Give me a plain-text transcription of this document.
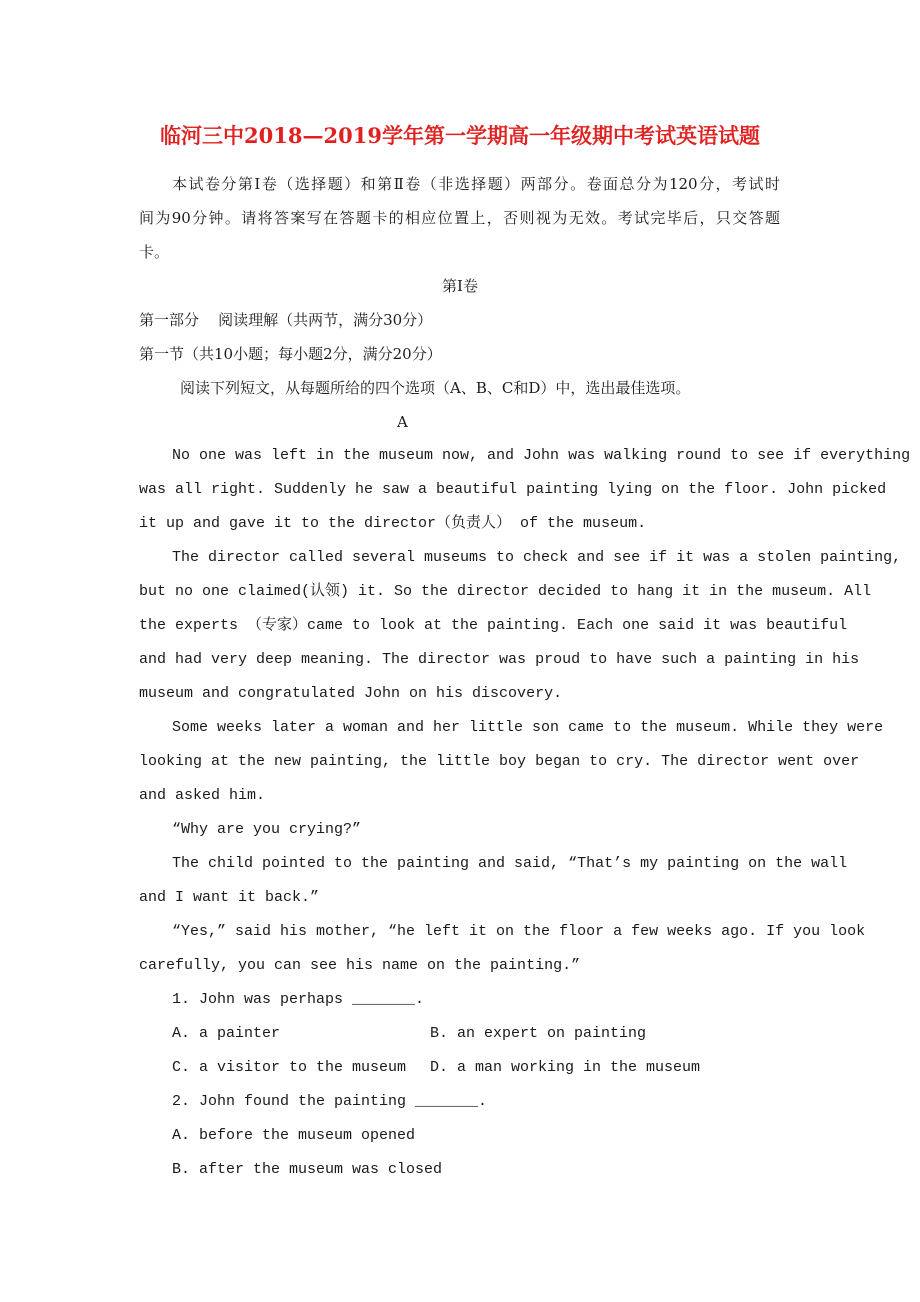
临河三中2018—2019学年第一学期高一年级期中考试英语试题
本试卷分第Ⅰ卷（选择题）和第Ⅱ卷（非选择题）两部分。卷面总分为120分，考试时
间为90分钟。请将答案写在答题卡的相应位置上，否则视为无效。考试完毕后，只交答题
卡。
第Ⅰ卷
第一部分    阅读理解（共两节，满分30分）
第一节（共10小题；每小题2分，满分20分）
阅读下列短文，从每题所给的四个选项（A、B、C和D）中，选出最佳选项。
A
No one was left in the museum now, and John was walking round to see if everything
was all right. Suddenly he saw a beautiful painting lying on the floor. John picked
it up and gave it to the director（负责人） of the museum.
The director called several museums to check and see if it was a stolen painting,
but no one claimed(认领) it. So the director decided to hang it in the museum. All
the experts （专家）came to look at the painting. Each one said it was beautiful
and had very deep meaning. The director was proud to have such a painting in his
museum and congratulated John on his discovery.
Some weeks later a woman and her little son came to the museum. While they were
looking at the new painting, the little boy began to cry. The director went over
and asked him.
“Why are you crying?”
The child pointed to the painting and said, “That’s my painting on the wall
and I want it back.”
“Yes,” said his mother, “he left it on the floor a few weeks ago. If you look
carefully, you can see his name on the painting.”
1. John was perhaps _______.
A. a painter	B. an expert on painting
C. a visitor to the museum D. a man working in the museum
2. John found the painting _______.
A. before the museum opened
B. after the museum was closed
